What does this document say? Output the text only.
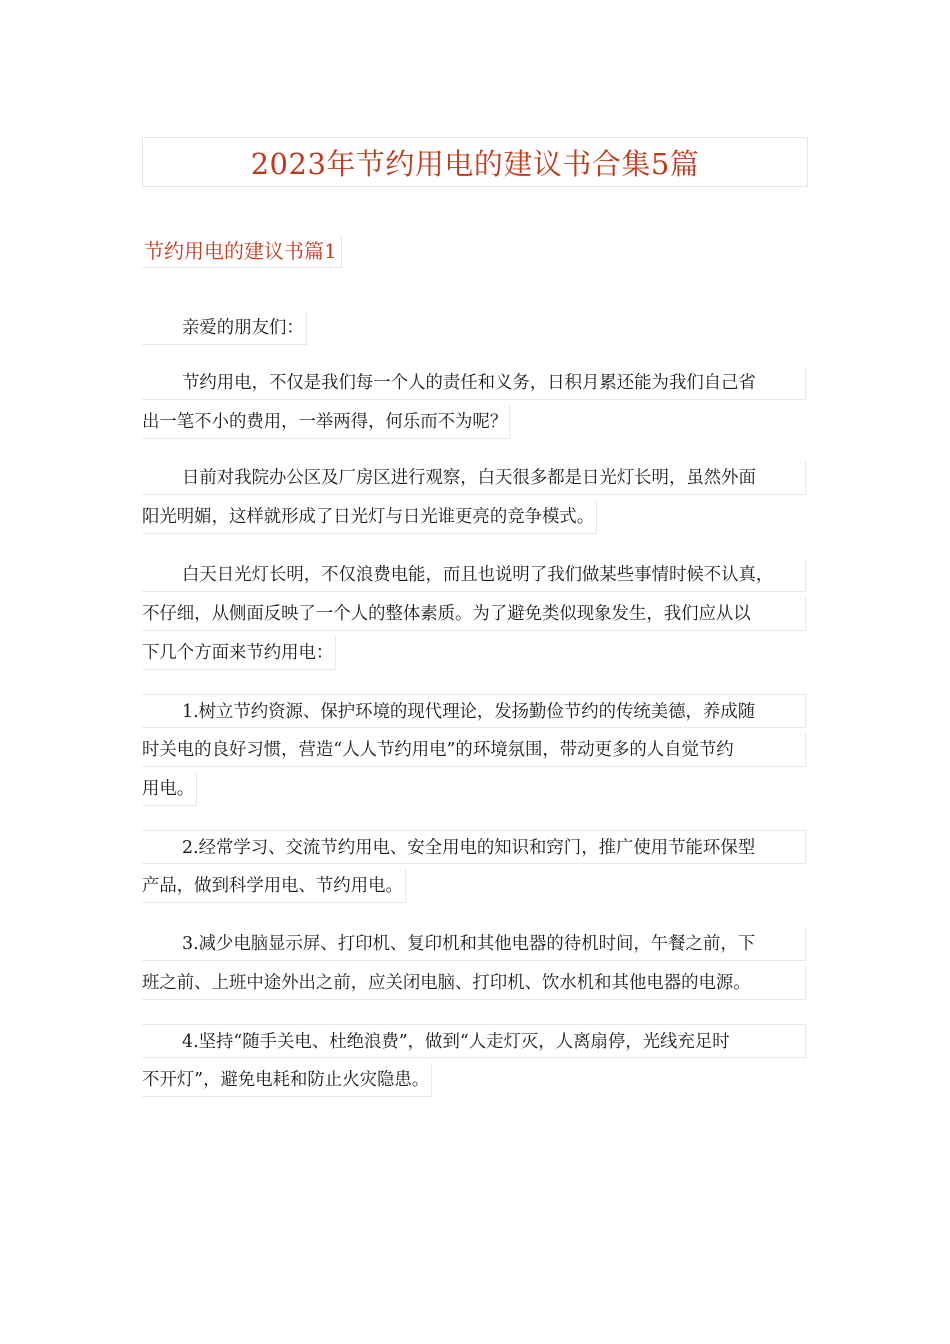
2023年节约用电的建议书合集5篇
节约用电的建议书篇1
亲爱的朋友们：
节约用电，不仅是我们每一个人的责任和义务，日积月累还能为我们自己省
出一笔不小的费用，一举两得，何乐而不为呢？
日前对我院办公区及厂房区进行观察，白天很多都是日光灯长明，虽然外面
阳光明媚，这样就形成了日光灯与日光谁更亮的竞争模式。
白天日光灯长明，不仅浪费电能，而且也说明了我们做某些事情时候不认真，
不仔细，从侧面反映了一个人的整体素质。为了避免类似现象发生，我们应从以
下几个方面来节约用电：
1.树立节约资源、保护环境的现代理论，发扬勤俭节约的传统美德，养成随
时关电的良好习惯，营造“人人节约用电”的环境氛围，带动更多的人自觉节约
用电。
2.经常学习、交流节约用电、安全用电的知识和窍门，推广使用节能环保型
产品，做到科学用电、节约用电。
3.减少电脑显示屏、打印机、复印机和其他电器的待机时间，午餐之前，下
班之前、上班中途外出之前，应关闭电脑、打印机、饮水机和其他电器的电源。
4.坚持“随手关电、杜绝浪费”，做到“人走灯灭，人离扇停，光线充足时
不开灯”，避免电耗和防止火灾隐患。
